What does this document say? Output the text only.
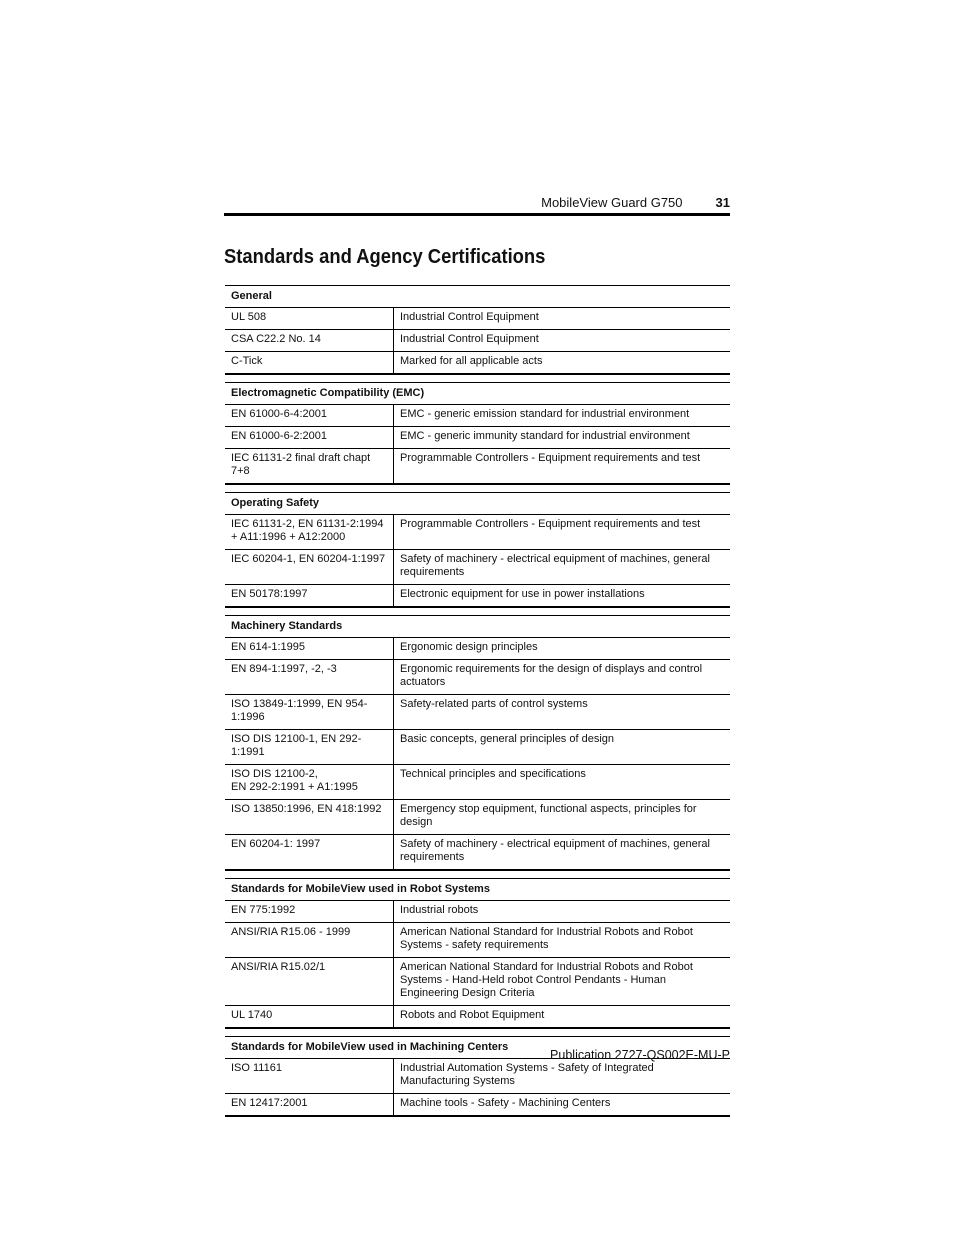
MobileView Guard G750	31
Standards and Agency Certifications
General
UL 508	Industrial Control Equipment
CSA C22.2 No. 14	Industrial Control Equipment
C-Tick	Marked for all applicable acts
Electromagnetic Compatibility (EMC)
EN 61000-6-4:2001	EMC - generic emission standard for industrial environment
EN 61000-6-2:2001	EMC - generic immunity standard for industrial environment
IEC 61131-2 final draft chapt 7+8	Programmable Controllers - Equipment requirements and test
Operating Safety
IEC 61131-2, EN 61131-2:1994 + A11:1996 + A12:2000	Programmable Controllers - Equipment requirements and test
IEC 60204-1, EN 60204-1:1997	Safety of machinery - electrical equipment of machines, general requirements
EN 50178:1997	Electronic equipment for use in power installations
Machinery Standards
EN 614-1:1995	Ergonomic design principles
EN 894-1:1997, -2, -3	Ergonomic requirements for the design of displays and control actuators
ISO 13849-1:1999, EN 954-1:1996	Safety-related parts of control systems
ISO DIS 12100-1, EN 292-1:1991	Basic concepts, general principles of design
ISO DIS 12100-2,
EN 292-2:1991 + A1:1995	Technical principles and specifications
ISO 13850:1996, EN 418:1992	Emergency stop equipment, functional aspects, principles for design
EN 60204-1: 1997	Safety of machinery - electrical equipment of machines, general requirements
Standards for MobileView used in Robot Systems
EN 775:1992	Industrial robots
ANSI/RIA R15.06 - 1999	American National Standard for Industrial Robots and Robot Systems - safety requirements
ANSI/RIA R15.02/1	American National Standard for Industrial Robots and Robot Systems - Hand-Held robot Control Pendants - Human Engineering Design Criteria
UL 1740	Robots and Robot Equipment
Standards for MobileView used in Machining Centers
ISO 11161	Industrial Automation Systems - Safety of Integrated Manufacturing Systems
EN 12417:2001	Machine tools - Safety - Machining Centers
Publication 2727-QS002E-MU-P
